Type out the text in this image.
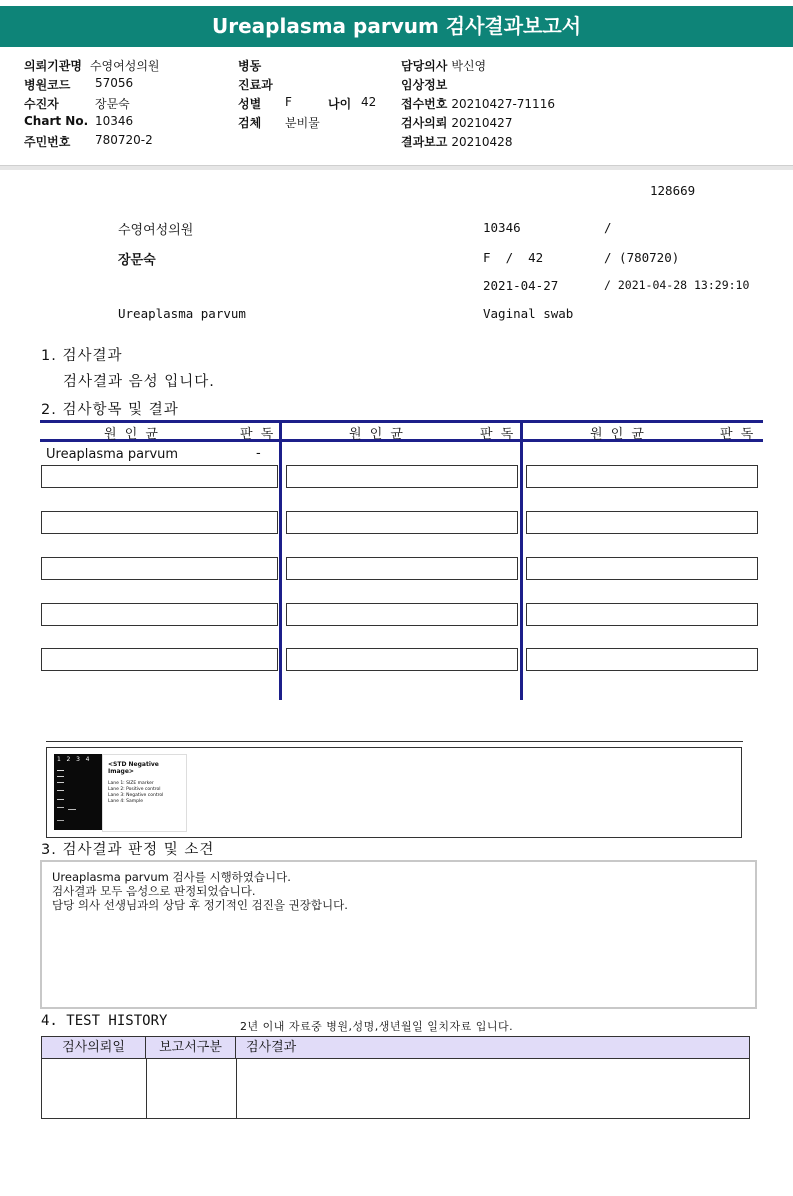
Ureaplasma parvum 검사결과보고서
의뢰기관명 수영여성의원
병원코드 57056
수진자	장문숙
Chart No. 10346
주민번호 780720-2
병동
진료과
성별 F	나이 42
검체 분비물
담당의사 박신영
임상정보
접수번호 20210427-71116
검사의뢰 20210427
결과보고 20210428
128669
수영여성의원	10346	/
장문숙	F  /  42	/ (780720)
2021-04-27	/ 2021-04-28 13:29:10
Ureaplasma parvum	Vaginal swab
1. 검사결과
검사결과 음성 입니다.
2. 검사항목 및 결과
원 인 균	판 독	원 인 균	판 독	원 인 균	판 독
Ureaplasma parvum	-
1   2   3   4
<STD Negative Image>
Lane 1: SIZE marker
Lane 2: Positive control
Lane 3: Negative control
Lane 4: Sample
3. 검사결과 판정 및 소견
Ureaplasma parvum 검사를 시행하였습니다.
검사결과 모두 음성으로 판정되었습니다.
담당 의사 선생님과의 상담 후 정기적인 검진을 권장합니다.
4. TEST HISTORY	2년 이내 자료중 병원,성명,생년월일 일치자료 입니다.
검사의뢰일	보고서구분	검사결과
